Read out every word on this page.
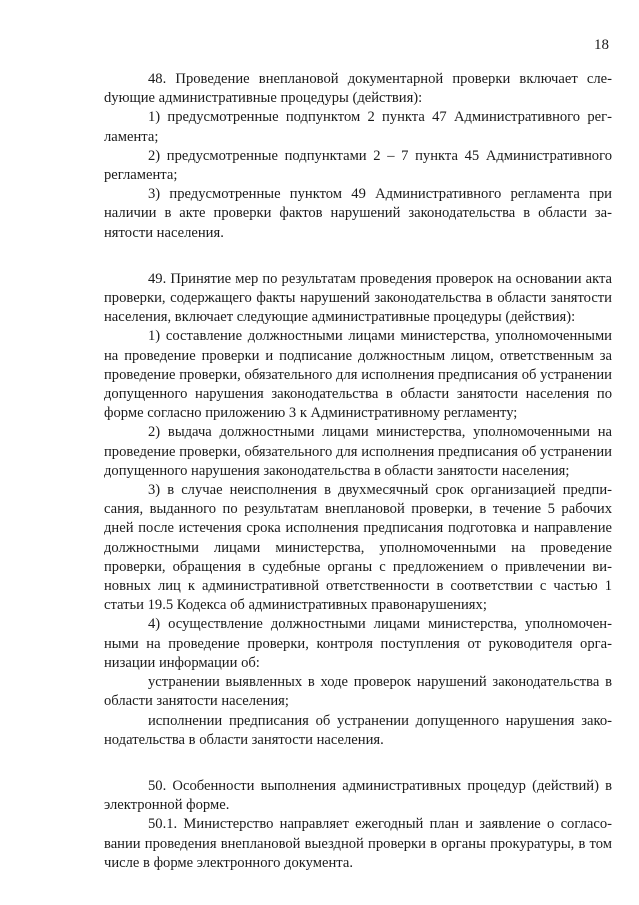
18

48. Проведение внеплановой документарной проверки включает слеdующие административные процедуры (действия):

1) предусмотренные подпунктом 2 пункта 47 Административного регламента;

2) предусмотренные подпунктами 2 – 7 пункта 45 Административного регламента;

3) предусмотренные пунктом 49 Административного регламента при наличии в акте проверки фактов нарушений законодательства в области занятости населения.

49. Принятие мер по результатам проведения проверок на основании акта проверки, содержащего факты нарушений законодательства в области занятости населения, включает следующие административные процедуры (действия):

1) составление должностными лицами министерства, уполномоченными на проведение проверки и подписание должностным лицом, ответственным за проведение проверки, обязательного для исполнения предписания об устранении допущенного нарушения законодательства в области занятости населения по форме согласно приложению 3 к Административному регламенту;

2) выдача должностными лицами министерства, уполномоченными на проведение проверки, обязательного для исполнения предписания об устранении допущенного нарушения законодательства в области занятости населения;

3) в случае неисполнения в двухмесячный срок организацией предписания, выданного по результатам внеплановой проверки, в течение 5 рабочих дней после истечения срока исполнения предписания подготовка и направление должностными лицами министерства, уполномоченными на проведение проверки, обращения в судебные органы с предложением о привлечении виновных лиц к административной ответственности в соответствии с частью 1 статьи 19.5 Кодекса об административных правонарушениях;

4) осуществление должностными лицами министерства, уполномоченными на проведение проверки, контроля поступления от руководителя организации информации об:

устранении выявленных в ходе проверок нарушений законодательства в области занятости населения;

исполнении предписания об устранении допущенного нарушения законодательства в области занятости населения.

50. Особенности выполнения административных процедур (действий) в электронной форме.

50.1. Министерство направляет ежегодный план и заявление о согласовании проведения внеплановой выездной проверки в органы прокуратуры, в том числе в форме электронного документа.
